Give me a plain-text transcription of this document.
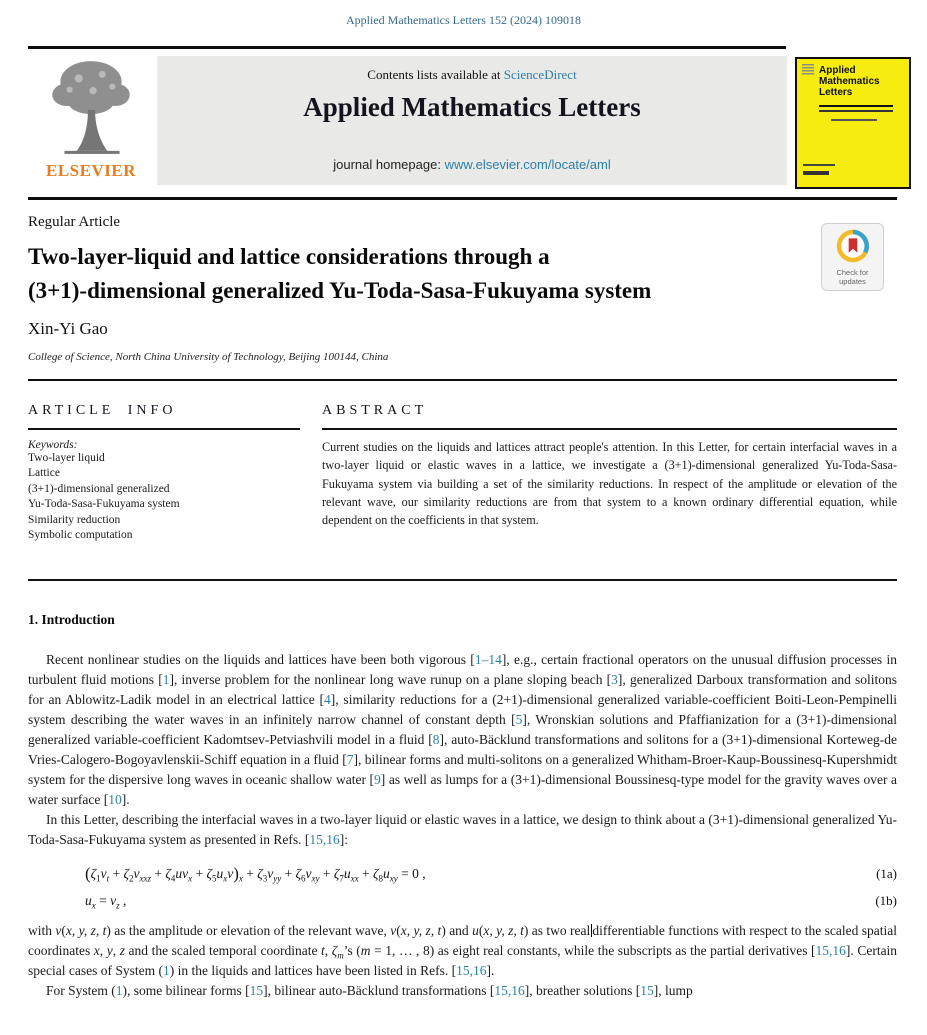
Applied Mathematics Letters 152 (2024) 109018
ELSEVIER
Contents lists available at ScienceDirect
Applied Mathematics Letters
journal homepage: www.elsevier.com/locate/aml
Applied Mathematics Letters
Regular Article
Two-layer-liquid and lattice considerations through a
(3+1)-dimensional generalized Yu-Toda-Sasa-Fukuyama system
Check for updates
Xin-Yi Gao
College of Science, North China University of Technology, Beijing 100144, China
ARTICLE INFO
Keywords:
Two-layer liquid
Lattice
(3+1)-dimensional generalized
Yu-Toda-Sasa-Fukuyama system
Similarity reduction
Symbolic computation
ABSTRACT
Current studies on the liquids and lattices attract people's attention. In this Letter, for certain interfacial waves in a two-layer liquid or elastic waves in a lattice, we investigate a (3+1)-dimensional generalized Yu-Toda-Sasa-Fukuyama system via building a set of the similarity reductions. In respect of the amplitude or elevation of the relevant wave, our similarity reductions are from that system to a known ordinary differential equation, while dependent on the coefficients in that system.
1. Introduction

Recent nonlinear studies on the liquids and lattices have been both vigorous [1–14], e.g., certain fractional operators on the unusual diffusion processes in turbulent fluid motions [1], inverse problem for the nonlinear long wave runup on a plane sloping beach [3], generalized Darboux transformation and solitons for an Ablowitz-Ladik model in an electrical lattice [4], similarity reductions for a (2+1)-dimensional generalized variable-coefficient Boiti-Leon-Pempinelli system describing the water waves in an infinitely narrow channel of constant depth [5], Wronskian solutions and Pfaffianization for a (3+1)-dimensional generalized variable-coefficient Kadomtsev-Petviashvili model in a fluid [8], auto-Bäcklund transformations and solitons for a (3+1)-dimensional Korteweg-de Vries-Calogero-Bogoyavlenskii-Schiff equation in a fluid [7], bilinear forms and multi-solitons on a generalized Whitham-Broer-Kaup-Boussinesq-Kupershmidt system for the dispersive long waves in oceanic shallow water [9] as well as lumps for a (3+1)-dimensional Boussinesq-type model for the gravity waves over a water surface [10].

In this Letter, describing the interfacial waves in a two-layer liquid or elastic waves in a lattice, we design to think about a (3+1)-dimensional generalized Yu-Toda-Sasa-Fukuyama system as presented in Refs. [15,16]:

$(\zeta_1v_t + \zeta_2v_{xxz} + \zeta_4uv_x + \zeta_5u_xv)_x + \zeta_3v_{yy} + \zeta_6v_{xy} + \zeta_7u_{xx} + \zeta_8u_{xy} = 0$ ,	(1a)
$u_x = v_z$ ,	(1b)

with v(x, y, z, t) as the amplitude or elevation of the relevant wave, v(x, y, z, t) and u(x, y, z, t) as two real differentiable functions with respect to the scaled spatial coordinates x, y, z and the scaled temporal coordinate t, $\zeta_m’s$ (m = 1, … , 8) as eight real constants, while the subscripts as the partial derivatives [15,16]. Certain special cases of System (1) in the liquids and lattices have been listed in Refs. [15,16].

For System (1), some bilinear forms [15], bilinear auto-Bäcklund transformations [15,16], breather solutions [15], lump
